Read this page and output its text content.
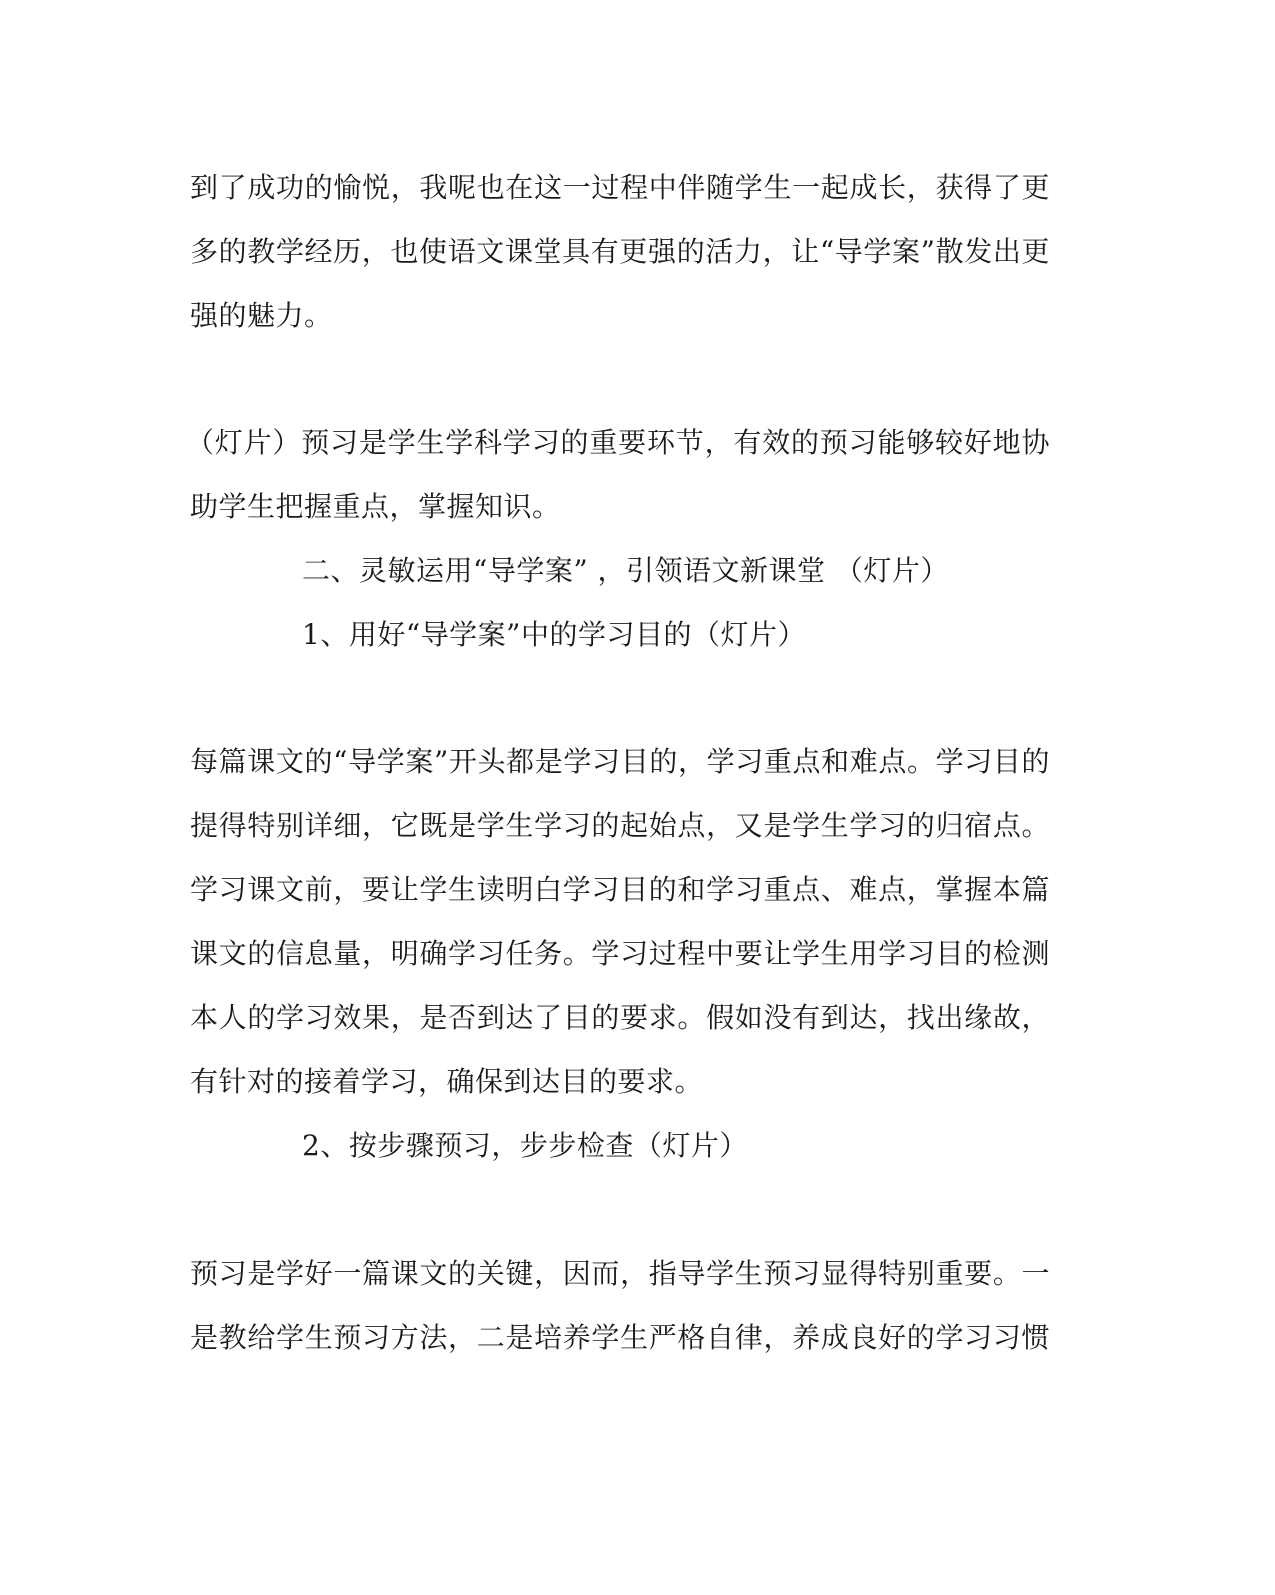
到了成功的愉悦，我呢也在这一过程中伴随学生一起成长，获得了更
多的教学经历，也使语文课堂具有更强的活力，让“导学案”散发出更
强的魅力。
（灯片）预习是学生学科学习的重要环节，有效的预习能够较好地协
助学生把握重点，掌握知识。
二、灵敏运用“导学案” ，引领语文新课堂 （灯片）
1、用好“导学案”中的学习目的（灯片）
每篇课文的“导学案”开头都是学习目的，学习重点和难点。学习目的
提得特别详细，它既是学生学习的起始点，又是学生学习的归宿点。
学习课文前，要让学生读明白学习目的和学习重点、难点，掌握本篇
课文的信息量，明确学习任务。学习过程中要让学生用学习目的检测
本人的学习效果，是否到达了目的要求。假如没有到达，找出缘故，
有针对的接着学习，确保到达目的要求。
2、按步骤预习，步步检查（灯片）
预习是学好一篇课文的关键，因而，指导学生预习显得特别重要。一
是教给学生预习方法，二是培养学生严格自律，养成良好的学习习惯
